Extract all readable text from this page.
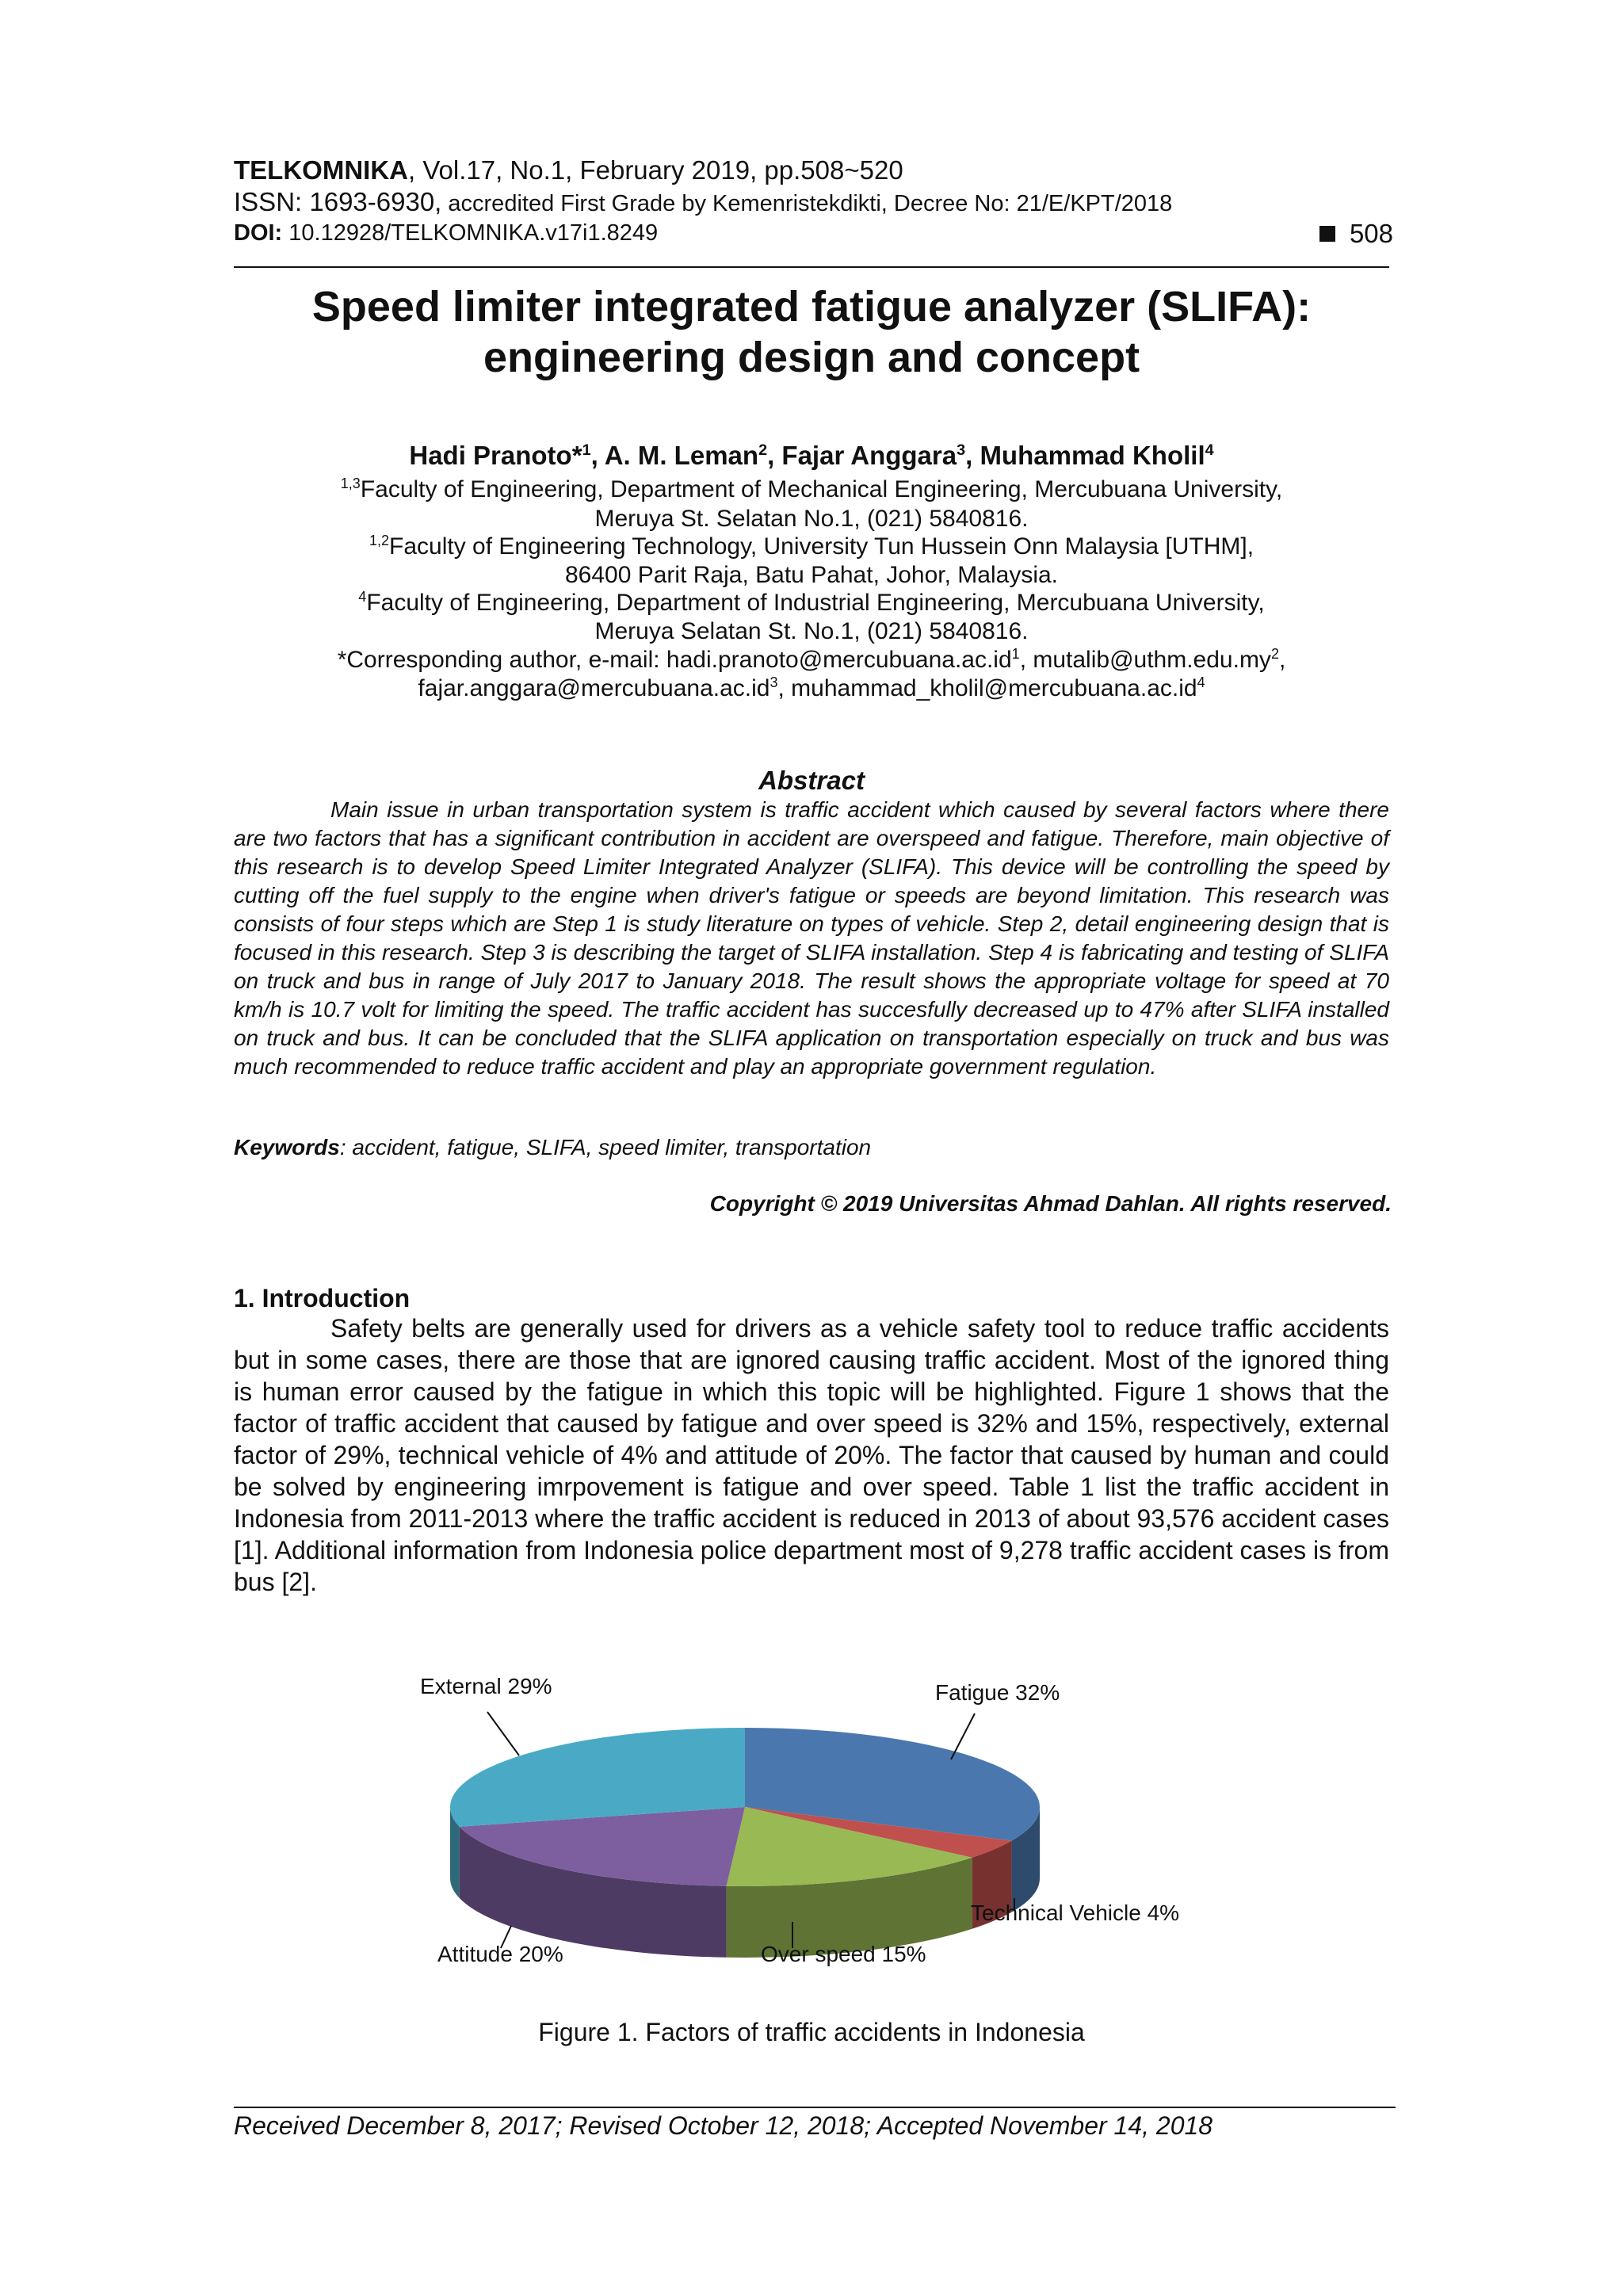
TELKOMNIKA, Vol.17, No.1, February 2019, pp.508~520
ISSN: 1693-6930, accredited First Grade by Kemenristekdikti, Decree No: 21/E/KPT/2018
DOI: 10.12928/TELKOMNIKA.v17i1.8249	508
Speed limiter integrated fatigue analyzer (SLIFA):
engineering design and concept
Hadi Pranoto*$^1$, A. M. Leman$^2$, Fajar Anggara$^3$, Muhammad Kholil$^4$
$^{1,3}$Faculty of Engineering, Department of Mechanical Engineering, Mercubuana University,
Meruya St. Selatan No.1, (021) 5840816.
$^{1,2}$Faculty of Engineering Technology, University Tun Hussein Onn Malaysia [UTHM],
86400 Parit Raja, Batu Pahat, Johor, Malaysia.
$^4$Faculty of Engineering, Department of Industrial Engineering, Mercubuana University,
Meruya Selatan St. No.1, (021) 5840816.
*Corresponding author, e-mail: $hadi.pranoto@mercubuana.ac.id^1$, $mutalib@uthm.edu.my^2$,
$fajar.anggara@mercubuana.ac.id^3$, $muhammad\_kholil@mercubuana.ac.id^4$
Abstract

Main issue in urban transportation system is traffic accident which caused by several factors where there are two factors that has a significant contribution in accident are overspeed and fatigue. Therefore, main objective of this research is to develop Speed Limiter Integrated Analyzer (SLIFA). This device will be controlling the speed by cutting off the fuel supply to the engine when driver's fatigue or speeds are beyond limitation. This research was consists of four steps which are Step 1 is study literature on types of vehicle. Step 2, detail engineering design that is focused in this research. Step 3 is describing the target of SLIFA installation. Step 4 is fabricating and testing of SLIFA on truck and bus in range of July 2017 to January 2018. The result shows the appropriate voltage for speed at 70 km/h is 10.7 volt for limiting the speed. The traffic accident has succesfully decreased up to 47% after SLIFA installed on truck and bus. It can be concluded that the SLIFA application on transportation especially on truck and bus was much recommended to reduce traffic accident and play an appropriate government regulation.

Keywords: accident, fatigue, SLIFA, speed limiter, transportation
Copyright © 2019 Universitas Ahmad Dahlan. All rights reserved.
1. Introduction

Safety belts are generally used for drivers as a vehicle safety tool to reduce traffic accidents but in some cases, there are those that are ignored causing traffic accident. Most of the ignored thing is human error caused by the fatigue in which this topic will be highlighted. Figure 1 shows that the factor of traffic accident that caused by fatigue and over speed is 32% and 15%, respectively, external factor of 29%, technical vehicle of 4% and attitude of 20%. The factor that caused by human and could be solved by engineering imrpovement is fatigue and over speed. Table 1 list the traffic accident in Indonesia from 2011-2013 where the traffic accident is reduced in 2013 of about 93,576 accident cases [1]. Additional information from Indonesia police department most of 9,278 traffic accident cases is from bus [2].

Fatigue 32%
Technical Vehicle 4%
Over speed 15%
Attitude 20%
External 29%
Figure 1. Factors of traffic accidents in Indonesia
Received December 8, 2017; Revised October 12, 2018; Accepted November 14, 2018
